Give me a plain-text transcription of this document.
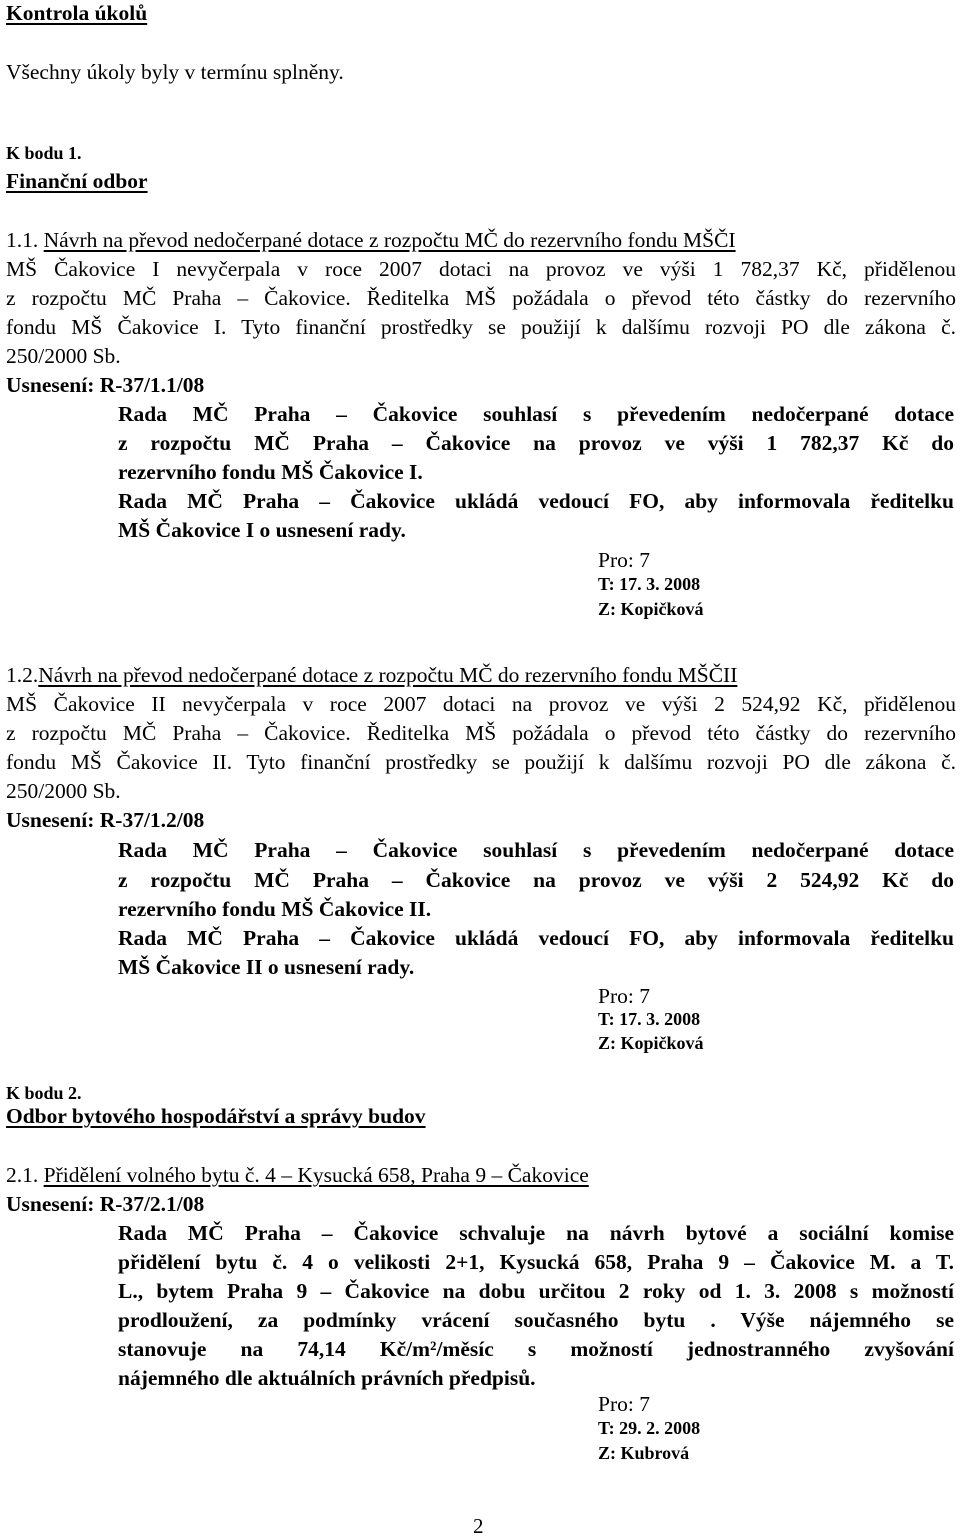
Kontrola úkolů
Všechny úkoly byly v termínu splněny.
K bodu 1.
Finanční odbor
1.1. Návrh na převod nedočerpané dotace z rozpočtu MČ do rezervního fondu MŠČI
MŠ Čakovice I nevyčerpala v roce 2007 dotaci na provoz ve výši 1 782,37 Kč, přidělenou
z rozpočtu MČ Praha – Čakovice. Ředitelka MŠ požádala o převod této částky do rezervního
fondu MŠ Čakovice I. Tyto finanční prostředky se použijí k dalšímu rozvoji PO dle zákona č.
250/2000 Sb.
Usnesení: R-37/1.1/08
Rada MČ Praha – Čakovice souhlasí s převedením nedočerpané dotace
z rozpočtu MČ Praha – Čakovice na provoz ve výši 1 782,37 Kč do
rezervního fondu MŠ Čakovice I.
Rada MČ Praha – Čakovice ukládá vedoucí FO, aby informovala ředitelku
MŠ Čakovice I o usnesení rady.
Pro: 7
T: 17. 3. 2008
Z: Kopičková
1.2.Návrh na převod nedočerpané dotace z rozpočtu MČ do rezervního fondu MŠČII
MŠ Čakovice II nevyčerpala v roce 2007 dotaci na provoz ve výši 2 524,92 Kč, přidělenou
z rozpočtu MČ Praha – Čakovice. Ředitelka MŠ požádala o převod této částky do rezervního
fondu MŠ Čakovice II. Tyto finanční prostředky se použijí k dalšímu rozvoji PO dle zákona č.
250/2000 Sb.
Usnesení: R-37/1.2/08
Rada MČ Praha – Čakovice souhlasí s převedením nedočerpané dotace
z rozpočtu MČ Praha – Čakovice na provoz ve výši 2 524,92 Kč do
rezervního fondu MŠ Čakovice II.
Rada MČ Praha – Čakovice ukládá vedoucí FO, aby informovala ředitelku
MŠ Čakovice II o usnesení rady.
Pro: 7
T: 17. 3. 2008
Z: Kopičková
K bodu 2.
Odbor bytového hospodářství a správy budov
2.1. Přidělení volného bytu č. 4 – Kysucká 658, Praha 9 – Čakovice
Usnesení: R-37/2.1/08
Rada MČ Praha – Čakovice schvaluje na návrh bytové a sociální komise
přidělení bytu č. 4 o velikosti 2+1, Kysucká 658, Praha 9 – Čakovice M. a T.
L., bytem Praha 9 – Čakovice na dobu určitou 2 roky od 1. 3. 2008 s možností
prodloužení, za podmínky vrácení současného bytu . Výše nájemného se
stanovuje na 74,14 Kč/m²/měsíc s možností jednostranného zvyšování
nájemného dle aktuálních právních předpisů.
Pro: 7
T: 29. 2. 2008
Z: Kubrová
2
